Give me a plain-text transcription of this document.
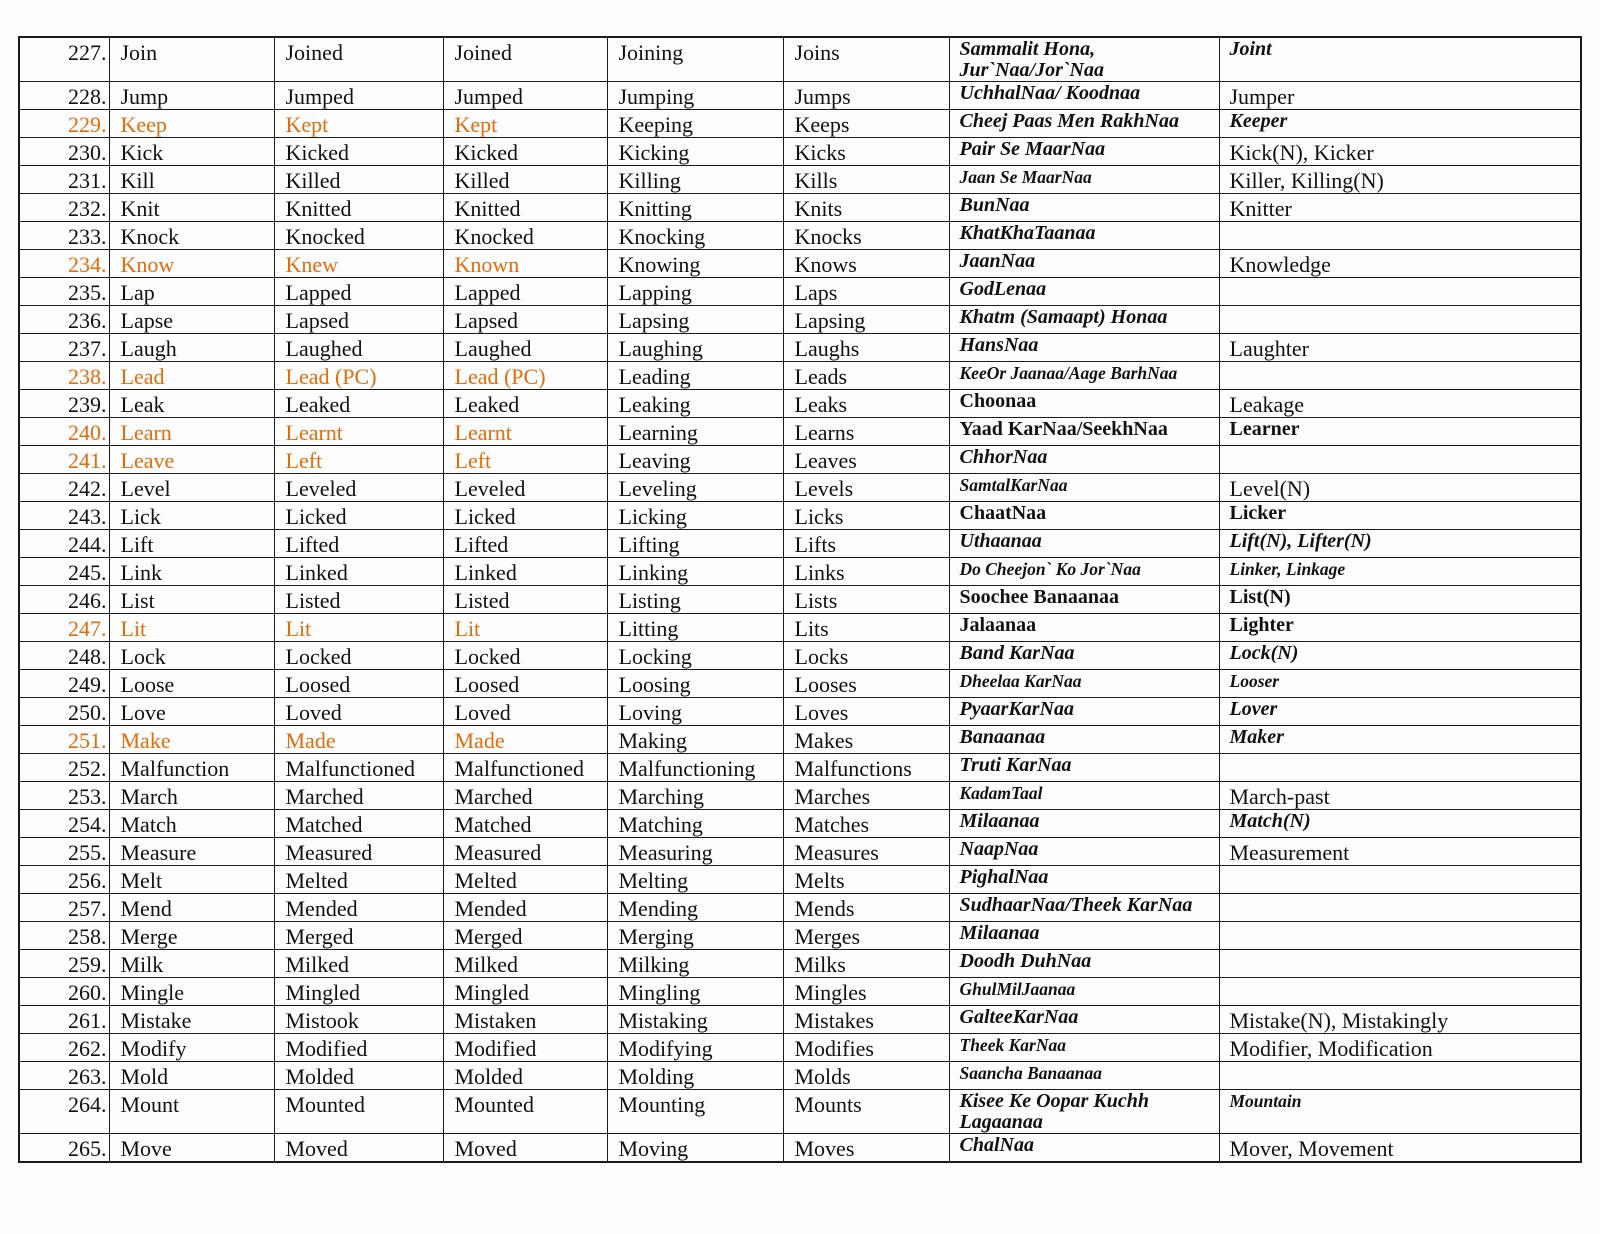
227.	Join	Joined	Joined	Joining	Joins	Sammalit Hona,
Jur`Naa/Jor`Naa	Joint
228.	Jump	Jumped	Jumped	Jumping	Jumps	UchhalNaa/ Koodnaa	Jumper
229.	Keep	Kept	Kept	Keeping	Keeps	Cheej Paas Men RakhNaa	Keeper
230.	Kick	Kicked	Kicked	Kicking	Kicks	Pair Se MaarNaa	Kick(N), Kicker
231.	Kill	Killed	Killed	Killing	Kills	Jaan Se MaarNaa	Killer, Killing(N)
232.	Knit	Knitted	Knitted	Knitting	Knits	BunNaa	Knitter
233.	Knock	Knocked	Knocked	Knocking	Knocks	KhatKhaTaanaa	
234.	Know	Knew	Known	Knowing	Knows	JaanNaa	Knowledge
235.	Lap	Lapped	Lapped	Lapping	Laps	GodLenaa	
236.	Lapse	Lapsed	Lapsed	Lapsing	Lapsing	Khatm (Samaapt) Honaa	
237.	Laugh	Laughed	Laughed	Laughing	Laughs	HansNaa	Laughter
238.	Lead	Lead (PC)	Lead (PC)	Leading	Leads	KeeOr Jaanaa/Aage BarhNaa	
239.	Leak	Leaked	Leaked	Leaking	Leaks	Choonaa	Leakage
240.	Learn	Learnt	Learnt	Learning	Learns	Yaad KarNaa/SeekhNaa	Learner
241.	Leave	Left	Left	Leaving	Leaves	ChhorNaa	
242.	Level	Leveled	Leveled	Leveling	Levels	SamtalKarNaa	Level(N)
243.	Lick	Licked	Licked	Licking	Licks	ChaatNaa	Licker
244.	Lift	Lifted	Lifted	Lifting	Lifts	Uthaanaa	Lift(N), Lifter(N)
245.	Link	Linked	Linked	Linking	Links	Do Cheejon` Ko Jor`Naa	Linker, Linkage
246.	List	Listed	Listed	Listing	Lists	Soochee Banaanaa	List(N)
247.	Lit	Lit	Lit	Litting	Lits	Jalaanaa	Lighter
248.	Lock	Locked	Locked	Locking	Locks	Band KarNaa	Lock(N)
249.	Loose	Loosed	Loosed	Loosing	Looses	Dheelaa KarNaa	Looser
250.	Love	Loved	Loved	Loving	Loves	PyaarKarNaa	Lover
251.	Make	Made	Made	Making	Makes	Banaanaa	Maker
252.	Malfunction	Malfunctioned	Malfunctioned	Malfunctioning	Malfunctions	Truti KarNaa	
253.	March	Marched	Marched	Marching	Marches	KadamTaal	March-past
254.	Match	Matched	Matched	Matching	Matches	Milaanaa	Match(N)
255.	Measure	Measured	Measured	Measuring	Measures	NaapNaa	Measurement
256.	Melt	Melted	Melted	Melting	Melts	PighalNaa	
257.	Mend	Mended	Mended	Mending	Mends	SudhaarNaa/Theek KarNaa	
258.	Merge	Merged	Merged	Merging	Merges	Milaanaa	
259.	Milk	Milked	Milked	Milking	Milks	Doodh DuhNaa	
260.	Mingle	Mingled	Mingled	Mingling	Mingles	GhulMilJaanaa	
261.	Mistake	Mistook	Mistaken	Mistaking	Mistakes	GalteeKarNaa	Mistake(N), Mistakingly
262.	Modify	Modified	Modified	Modifying	Modifies	Theek KarNaa	Modifier, Modification
263.	Mold	Molded	Molded	Molding	Molds	Saancha Banaanaa	
264.	Mount	Mounted	Mounted	Mounting	Mounts	Kisee Ke Oopar Kuchh
Lagaanaa	Mountain
265.	Move	Moved	Moved	Moving	Moves	ChalNaa	Mover, Movement
